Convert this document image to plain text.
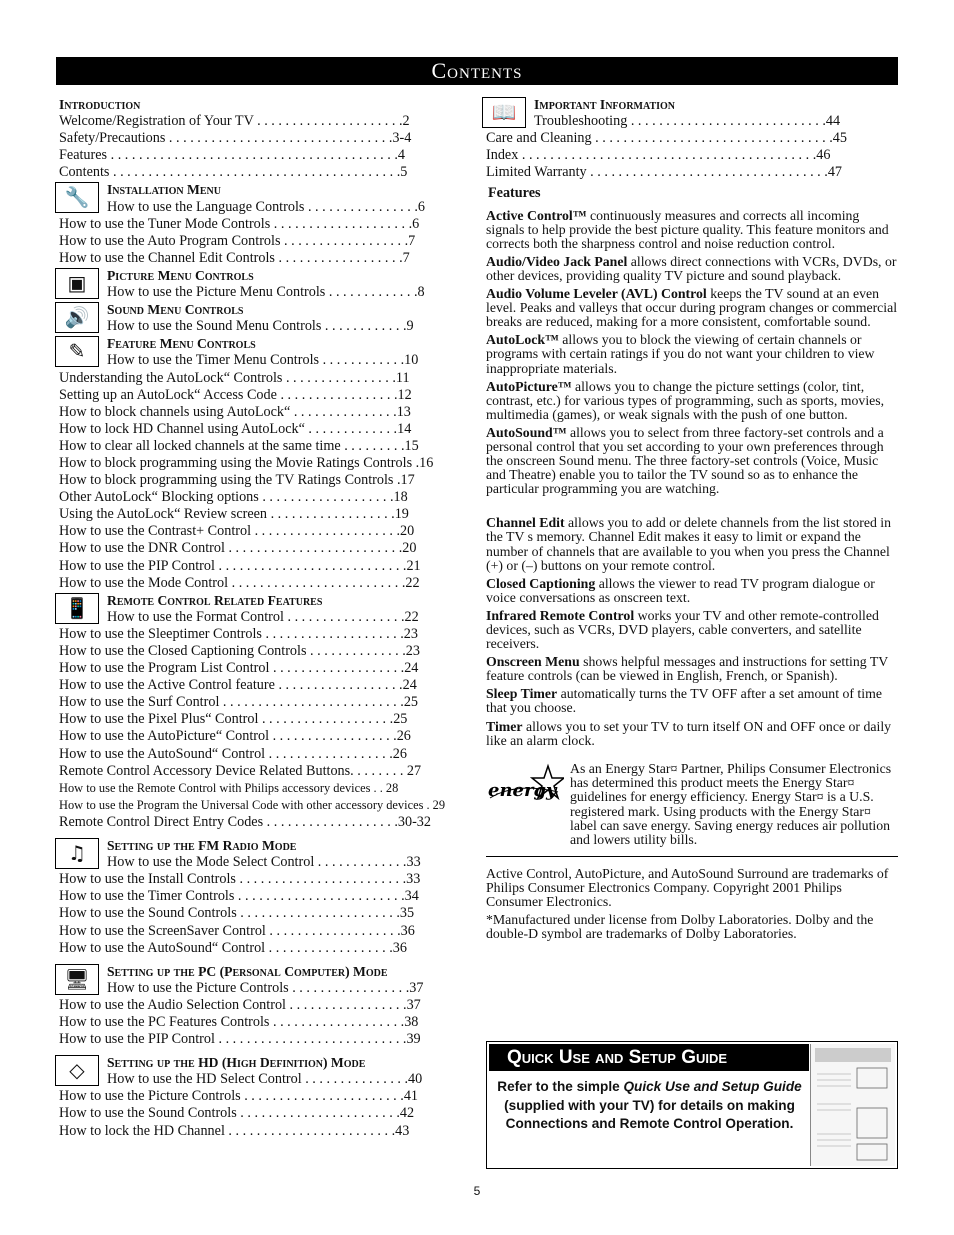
Contents
Introduction
Welcome/Registration of Your TV . . . . . . . . . . . . . . . . . . . . .2
Safety/Precautions . . . . . . . . . . . . . . . . . . . . . . . . . . . . . . . .3-4
Features . . . . . . . . . . . . . . . . . . . . . . . . . . . . . . . . . . . . . . . . .4
Contents . . . . . . . . . . . . . . . . . . . . . . . . . . . . . . . . . . . . . . . . .5
🔧	Installation Menu
How to use the Language Controls . . . . . . . . . . . . . . . .6
How to use the Tuner Mode Controls . . . . . . . . . . . . . . . . . . . .6
How to use the Auto Program Controls . . . . . . . . . . . . . . . . . .7
How to use the Channel Edit Controls . . . . . . . . . . . . . . . . . .7
▣	Picture Menu Controls
How to use the Picture Menu Controls . . . . . . . . . . . . .8
🔊	Sound Menu Controls
How to use the Sound Menu Controls . . . . . . . . . . . .9
✎	Feature Menu Controls
How to use the Timer Menu Controls . . . . . . . . . . . .10
Understanding the AutoLock“ Controls . . . . . . . . . . . . . . . .11
Setting up an AutoLock“ Access Code . . . . . . . . . . . . . . . . .12
How to block channels using AutoLock“ . . . . . . . . . . . . . . .13
How to lock HD Channel using AutoLock“ . . . . . . . . . . . . .14
How to clear all locked channels at the same time . . . . . . . . .15
How to block programming using the Movie Ratings Controls .16
How to block programming using the TV Ratings Controls .17
Other AutoLock“ Blocking options . . . . . . . . . . . . . . . . . . .18
Using the AutoLock“ Review screen . . . . . . . . . . . . . . . . . .19
How to use the Contrast+ Control . . . . . . . . . . . . . . . . . . . . .20
How to use the DNR Control . . . . . . . . . . . . . . . . . . . . . . . . .20
How to use the PIP Control . . . . . . . . . . . . . . . . . . . . . . . . . . .21
How to use the Mode Control . . . . . . . . . . . . . . . . . . . . . . . . .22
📱	Remote Control Related Features
How to use the Format Control . . . . . . . . . . . . . . . . .22
How to use the Sleeptimer Controls . . . . . . . . . . . . . . . . . . . .23
How to use the Closed Captioning Controls . . . . . . . . . . . . . .23
How to use the Program List Control . . . . . . . . . . . . . . . . . . .24
How to use the Active Control feature . . . . . . . . . . . . . . . . . .24
How to use the Surf Control . . . . . . . . . . . . . . . . . . . . . . . . . .25
How to use the Pixel Plus“ Control . . . . . . . . . . . . . . . . . . .25
How to use the AutoPicture“ Control . . . . . . . . . . . . . . . . . .26
How to use the AutoSound“ Control . . . . . . . . . . . . . . . . . .26
Remote Control Accessory Device Related Buttons. . . . . . . . 27
How to use the Remote Control with Philips accessory devices . . 28
How to use the Program the Universal Code with other accessory devices . 29
Remote Control Direct Entry Codes . . . . . . . . . . . . . . . . . . .30-32
♫	Setting up the FM Radio Mode
How to use the Mode Select Control . . . . . . . . . . . . .33
How to use the Install Controls . . . . . . . . . . . . . . . . . . . . . . . .33
How to use the Timer Controls . . . . . . . . . . . . . . . . . . . . . . . .34
How to use the Sound Controls . . . . . . . . . . . . . . . . . . . . . . .35
How to use the ScreenSaver Control . . . . . . . . . . . . . . . . . . .36
How to use the AutoSound“ Control . . . . . . . . . . . . . . . . . .36
🖥	Setting up the PC (Personal Computer) Mode
How to use the Picture Controls . . . . . . . . . . . . . . . . .37
How to use the Audio Selection Control . . . . . . . . . . . . . . . . .37
How to use the PC Features Controls . . . . . . . . . . . . . . . . . . .38
How to use the PIP Control . . . . . . . . . . . . . . . . . . . . . . . . . . .39
◇	Setting up the HD (High Definition) Mode
How to use the HD Select Control . . . . . . . . . . . . . . .40
How to use the Picture Controls . . . . . . . . . . . . . . . . . . . . . . .41
How to use the Sound Controls . . . . . . . . . . . . . . . . . . . . . . .42
How to lock the HD Channel . . . . . . . . . . . . . . . . . . . . . . . .43
📖	Important Information
Troubleshooting . . . . . . . . . . . . . . . . . . . . . . . . . . . .44
Care and Cleaning . . . . . . . . . . . . . . . . . . . . . . . . . . . . . . . . . .45
Index . . . . . . . . . . . . . . . . . . . . . . . . . . . . . . . . . . . . . . . . . .46
Limited Warranty . . . . . . . . . . . . . . . . . . . . . . . . . . . . . . . . . .47
Features

Active Control™ continuously measures and corrects all incoming signals to help provide the best picture quality. This feature monitors and corrects both the sharpness control and noise reduction control.

Audio/Video Jack Panel allows direct connections with VCRs, DVDs, or other devices, providing quality TV picture and sound playback.

Audio Volume Leveler (AVL) Control keeps the TV sound at an even level. Peaks and valleys that occur during program changes or commercial breaks are reduced, making for a more consistent, comfortable sound.

AutoLock™ allows you to block the viewing of certain channels or programs with certain ratings if you do not want your children to view inappropriate materials.

AutoPicture™ allows you to change the picture settings (color, tint, contrast, etc.) for various types of programming, such as sports, movies, multimedia (games), or weak signals with the push of one button.

AutoSound™ allows you to select from three factory-set controls and a personal control that you set according to your own preferences through the onscreen Sound menu. The three factory-set controls (Voice, Music and Theatre) enable you to tailor the TV sound so as to enhance the particular programming you are watching.

Channel Edit allows you to add or delete channels from the list stored in the TV s memory. Channel Edit makes it easy to limit or expand the number of channels that are available to you when you press the Channel (+) or (–) buttons on your remote control.

Closed Captioning allows the viewer to read TV program dialogue or voice conversations as onscreen text.

Infrared Remote Control works your TV and other remote-controlled devices, such as VCRs, DVD players, cable converters, and satellite receivers.

Onscreen Menu shows helpful messages and instructions for setting TV feature controls (can be viewed in English, French, or Spanish).

Sleep Timer automatically turns the TV OFF after a set amount of time that you choose.

Timer allows you to set your TV to turn itself ON and OFF once or daily like an alarm clock.

energy
As an Energy Star¤ Partner, Philips Consumer Electronics has determined this product meets the Energy Star¤ guidelines for energy efficiency. Energy Star¤ is a U.S. registered mark. Using products with the Energy Star¤ label can save energy. Saving energy reduces air pollution and lowers utility bills.

Active Control, AutoPicture, and AutoSound Surround are trademarks of Philips Consumer Electronics Company. Copyright 2001 Philips Consumer Electronics.

*Manufactured under license from Dolby Laboratories. Dolby and the double-D symbol are trademarks of Dolby Laboratories.

Quick Use and Setup Guide
Refer to the simple Quick Use and Setup Guide (supplied with your TV) for details on making Connections and Remote Control Operation.
5
